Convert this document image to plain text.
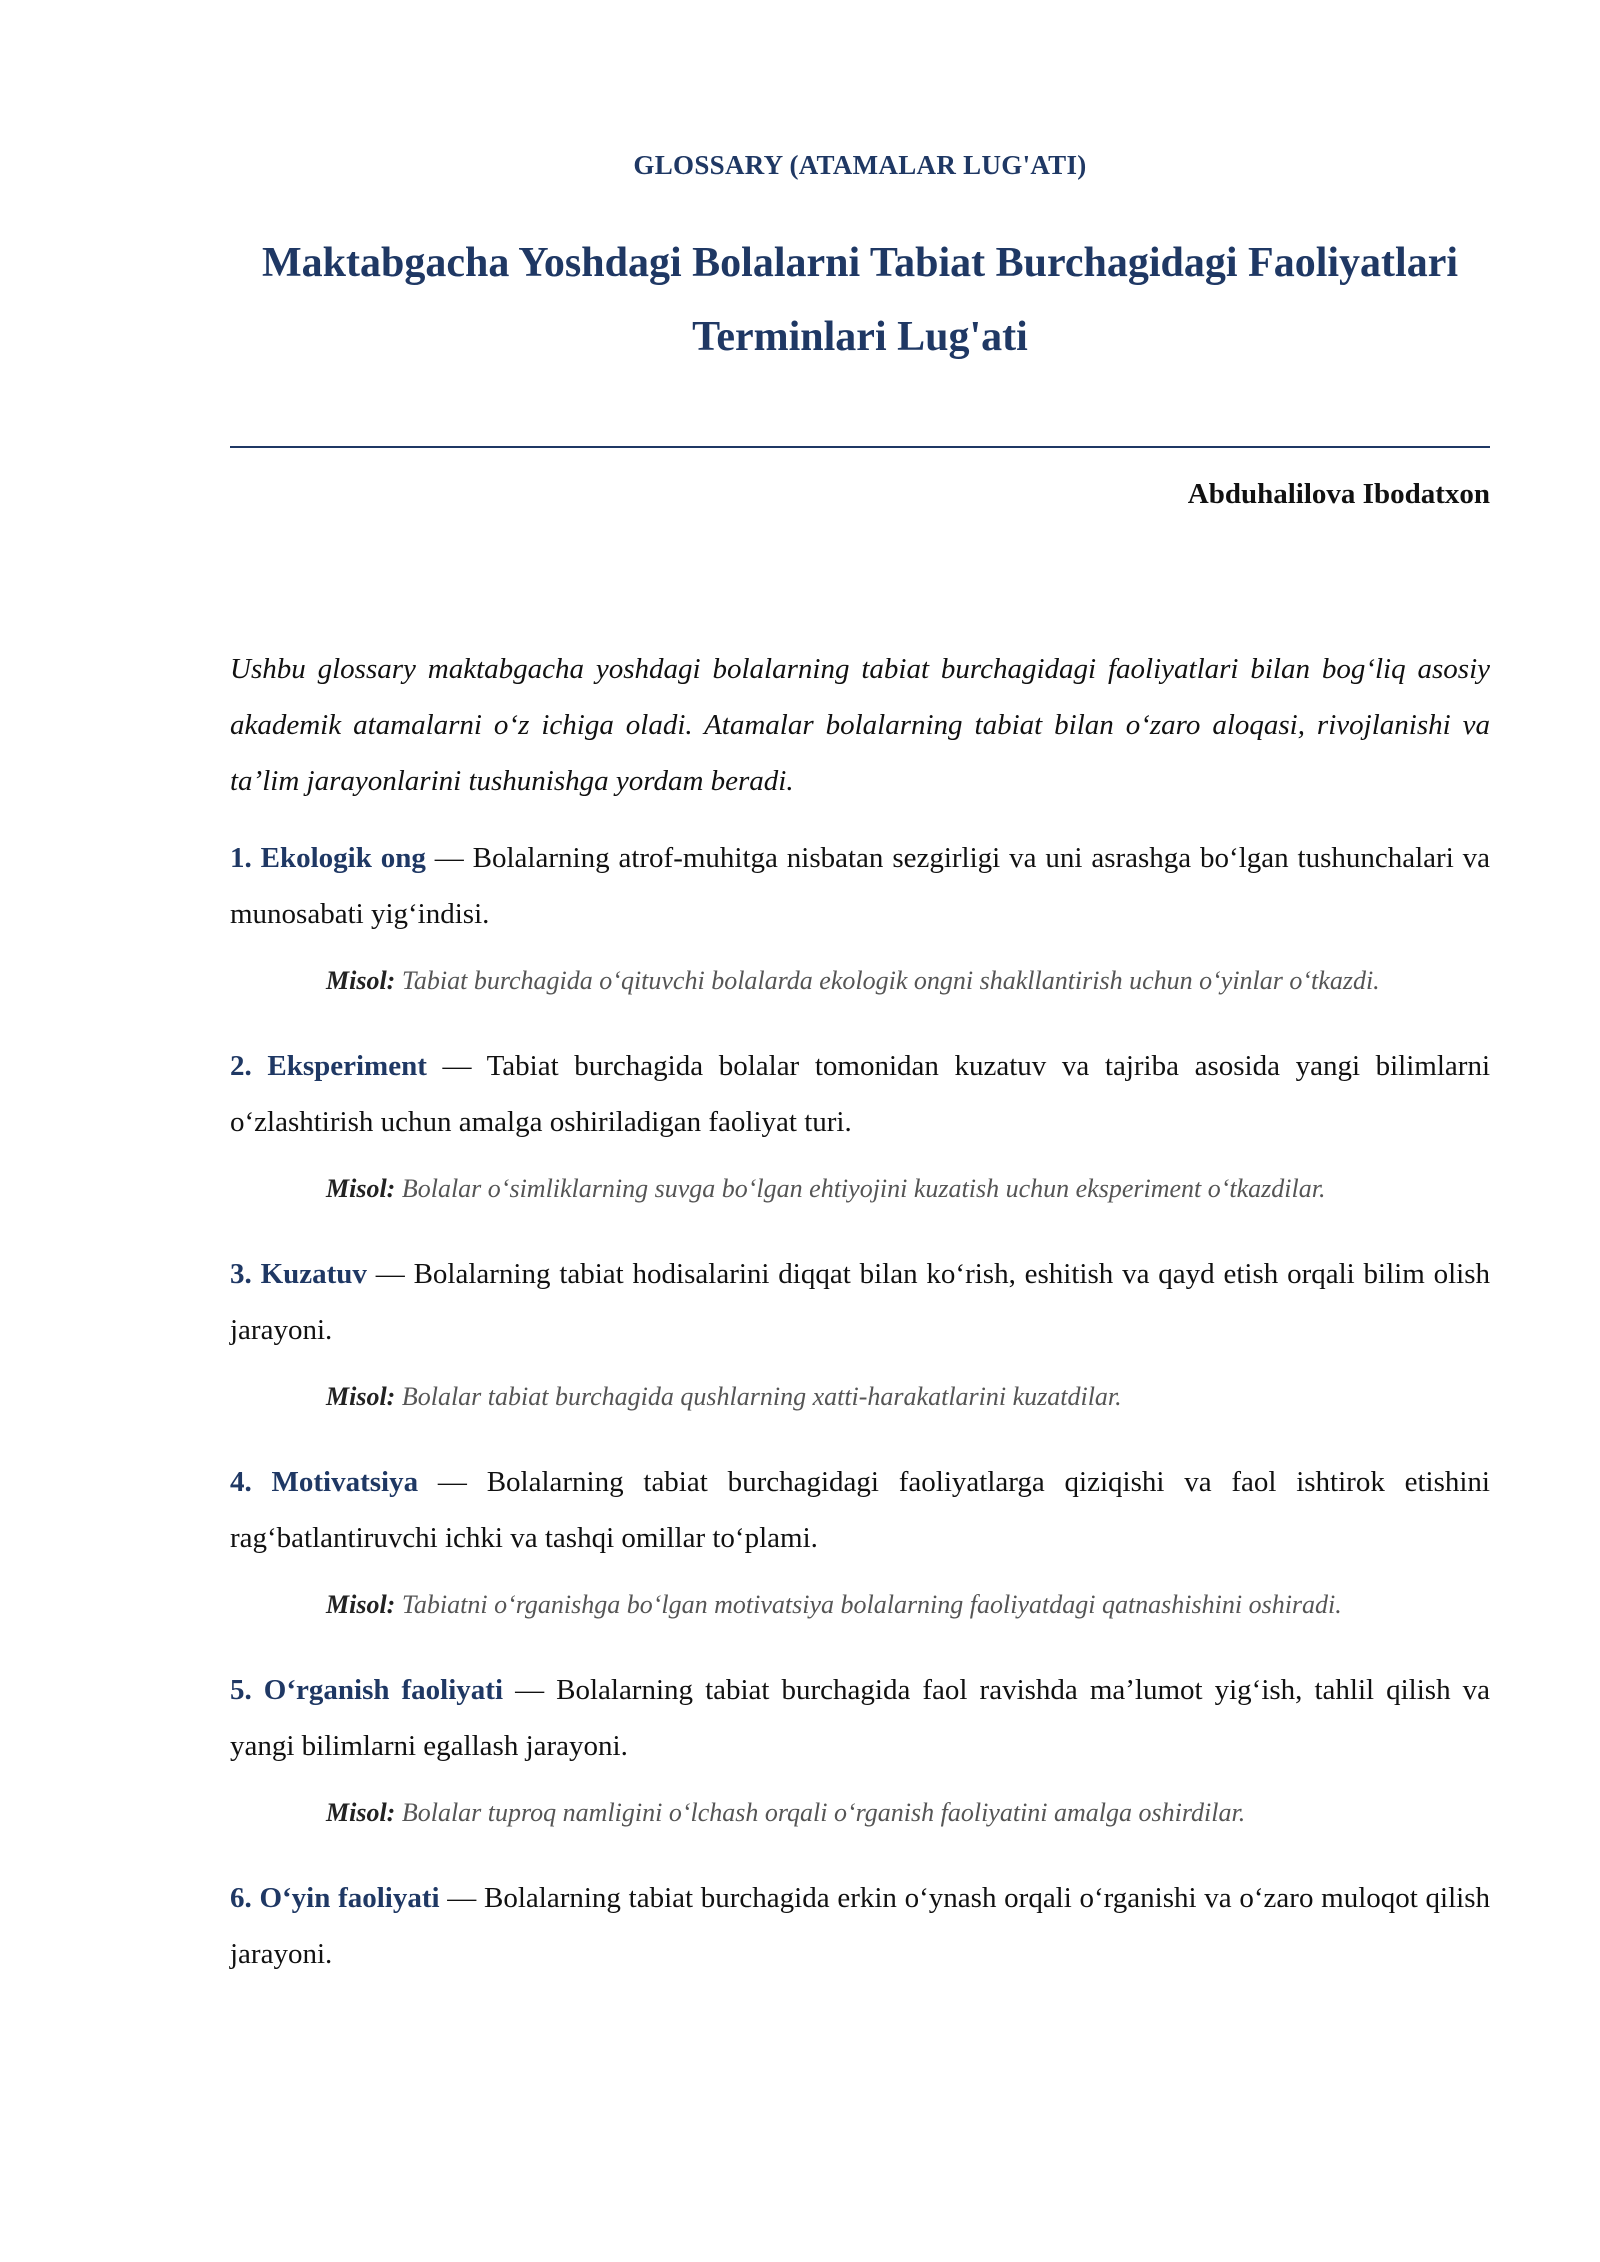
GLOSSARY (ATAMALAR LUG'ATI)
Maktabgacha Yoshdagi Bolalarni Tabiat Burchagidagi Faoliyatlari
Terminlari Lug'ati
Abduhalilova Ibodatxon

Ushbu glossary maktabgacha yoshdagi bolalarning tabiat burchagidagi faoliyatlari bilan bog‘liq asosiy akademik atamalarni o‘z ichiga oladi. Atamalar bolalarning tabiat bilan o‘zaro aloqasi, rivojlanishi va ta’lim jarayonlarini tushunishga yordam beradi.

1. Ekologik ong — Bolalarning atrof-muhitga nisbatan sezgirligi va uni asrashga bo‘lgan tushunchalari va munosabati yig‘indisi.

Misol: Tabiat burchagida o‘qituvchi bolalarda ekologik ongni shakllantirish uchun o‘yinlar o‘tkazdi.

2. Eksperiment — Tabiat burchagida bolalar tomonidan kuzatuv va tajriba asosida yangi bilimlarni o‘zlashtirish uchun amalga oshiriladigan faoliyat turi.

Misol: Bolalar o‘simliklarning suvga bo‘lgan ehtiyojini kuzatish uchun eksperiment o‘tkazdilar.

3. Kuzatuv — Bolalarning tabiat hodisalarini diqqat bilan ko‘rish, eshitish va qayd etish orqali bilim olish jarayoni.

Misol: Bolalar tabiat burchagida qushlarning xatti-harakatlarini kuzatdilar.

4. Motivatsiya — Bolalarning tabiat burchagidagi faoliyatlarga qiziqishi va faol ishtirok etishini rag‘batlantiruvchi ichki va tashqi omillar to‘plami.

Misol: Tabiatni o‘rganishga bo‘lgan motivatsiya bolalarning faoliyatdagi qatnashishini oshiradi.

5. O‘rganish faoliyati — Bolalarning tabiat burchagida faol ravishda ma’lumot yig‘ish, tahlil qilish va yangi bilimlarni egallash jarayoni.

Misol: Bolalar tuproq namligini o‘lchash orqali o‘rganish faoliyatini amalga oshirdilar.

6. O‘yin faoliyati — Bolalarning tabiat burchagida erkin o‘ynash orqali o‘rganishi va o‘zaro muloqot qilish jarayoni.
